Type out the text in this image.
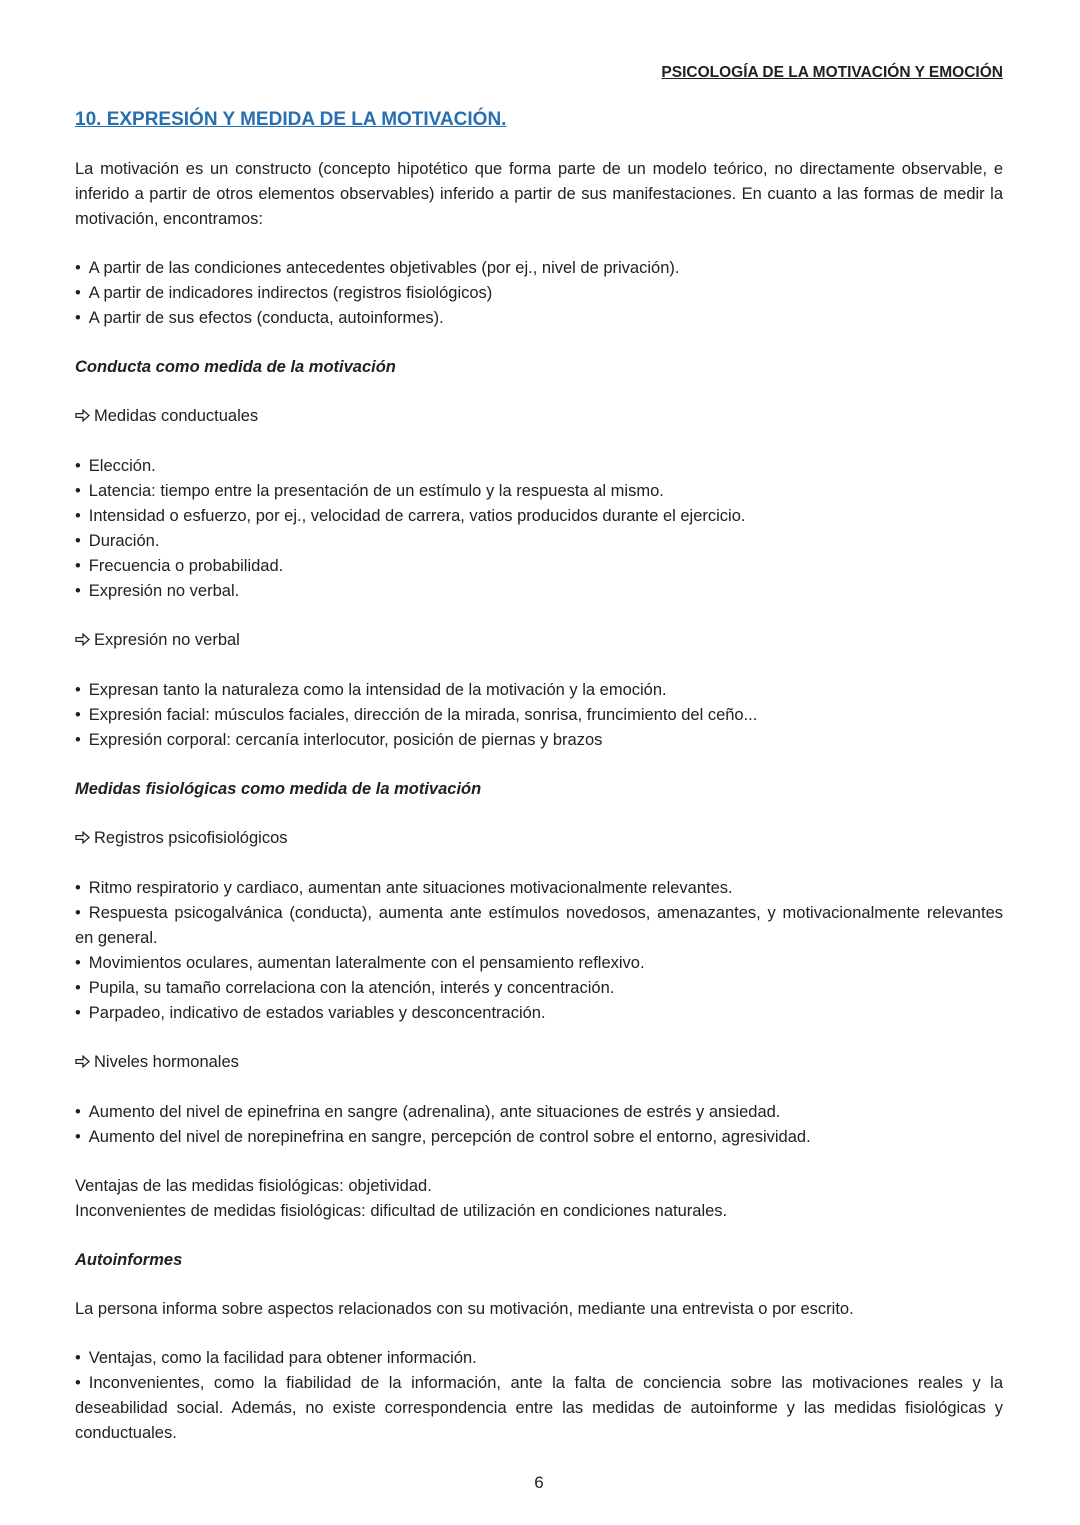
PSICOLOGÍA DE LA MOTIVACIÓN Y EMOCIÓN
10. EXPRESIÓN Y MEDIDA DE LA MOTIVACIÓN.
La motivación es un constructo (concepto hipotético que forma parte de un modelo teórico, no directamente observable, e inferido a partir de otros elementos observables) inferido a partir de sus manifestaciones. En cuanto a las formas de medir la motivación, encontramos:
• A partir de las condiciones antecedentes objetivables (por ej., nivel de privación).
• A partir de indicadores indirectos (registros fisiológicos)
• A partir de sus efectos (conducta, autoinformes).
Conducta como medida de la motivación
Medidas conductuales
• Elección.
• Latencia: tiempo entre la presentación de un estímulo y la respuesta al mismo.
• Intensidad o esfuerzo, por ej., velocidad de carrera, vatios producidos durante el ejercicio.
• Duración.
• Frecuencia o probabilidad.
• Expresión no verbal.
Expresión no verbal
• Expresan tanto la naturaleza como la intensidad de la motivación y la emoción.
• Expresión facial: músculos faciales, dirección de la mirada, sonrisa, fruncimiento del ceño...
• Expresión corporal: cercanía interlocutor, posición de piernas y brazos
Medidas fisiológicas como medida de la motivación
Registros psicofisiológicos
• Ritmo respiratorio y cardiaco, aumentan ante situaciones motivacionalmente relevantes.
• Respuesta psicogalvánica (conducta), aumenta ante estímulos novedosos, amenazantes, y motivacionalmente relevantes en general.
• Movimientos oculares, aumentan lateralmente con el pensamiento reflexivo.
• Pupila, su tamaño correlaciona con la atención, interés y concentración.
• Parpadeo, indicativo de estados variables y desconcentración.
Niveles hormonales
• Aumento del nivel de epinefrina en sangre (adrenalina), ante situaciones de estrés y ansiedad.
• Aumento del nivel de norepinefrina en sangre, percepción de control sobre el entorno, agresividad.
Ventajas de las medidas fisiológicas: objetividad.
Inconvenientes de medidas fisiológicas: dificultad de utilización en condiciones naturales.
Autoinformes
La persona informa sobre aspectos relacionados con su motivación, mediante una entrevista o por escrito.
• Ventajas, como la facilidad para obtener información.
• Inconvenientes, como la fiabilidad de la información, ante la falta de conciencia sobre las motivaciones reales y la deseabilidad social. Además, no existe correspondencia entre las medidas de autoinforme y las medidas fisiológicas y conductuales.
6
